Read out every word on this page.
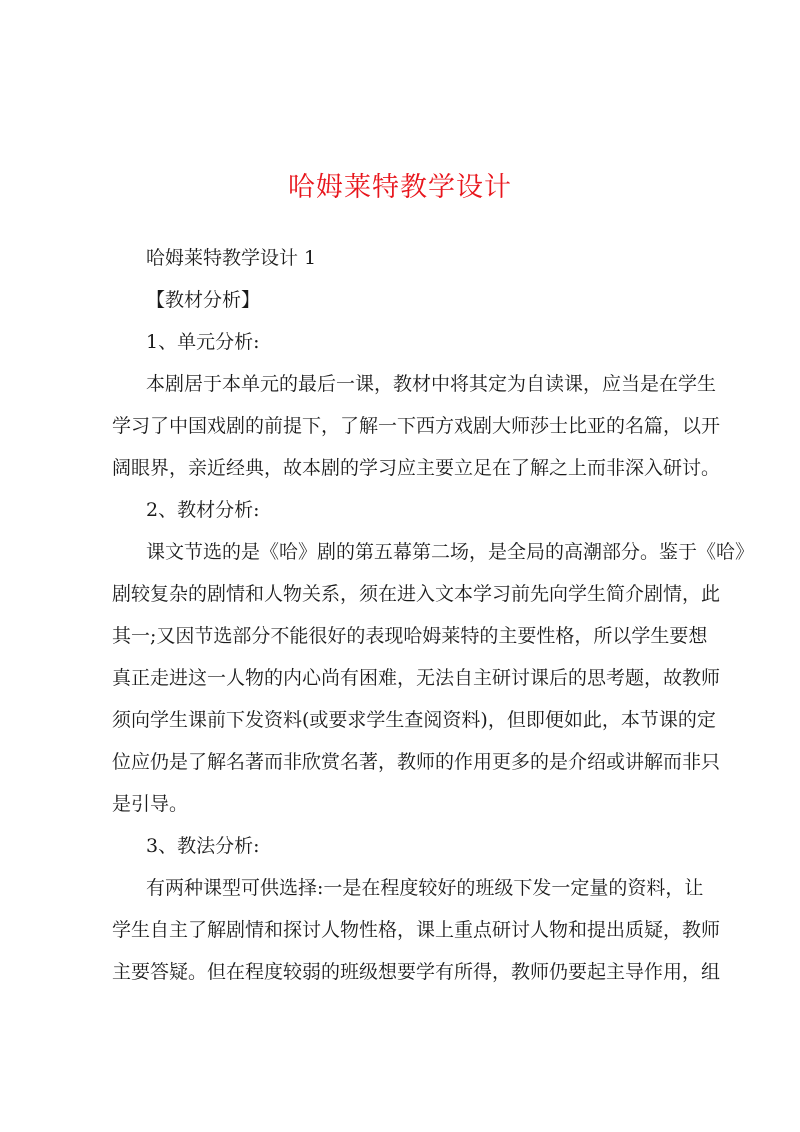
哈姆莱特教学设计
哈姆莱特教学设计 1
【教材分析】
1、单元分析:
本剧居于本单元的最后一课，教材中将其定为自读课，应当是在学生
学习了中国戏剧的前提下，了解一下西方戏剧大师莎士比亚的名篇，以开
阔眼界，亲近经典，故本剧的学习应主要立足在了解之上而非深入研讨。
2、教材分析:
课文节选的是《哈》剧的第五幕第二场，是全局的高潮部分。鉴于《哈》
剧较复杂的剧情和人物关系，须在进入文本学习前先向学生简介剧情，此
其一;又因节选部分不能很好的表现哈姆莱特的主要性格，所以学生要想
真正走进这一人物的内心尚有困难，无法自主研讨课后的思考题，故教师
须向学生课前下发资料(或要求学生查阅资料)，但即便如此，本节课的定
位应仍是了解名著而非欣赏名著，教师的作用更多的是介绍或讲解而非只
是引导。
3、教法分析:
有两种课型可供选择:一是在程度较好的班级下发一定量的资料，让
学生自主了解剧情和探讨人物性格，课上重点研讨人物和提出质疑，教师
主要答疑。但在程度较弱的班级想要学有所得，教师仍要起主导作用，组
